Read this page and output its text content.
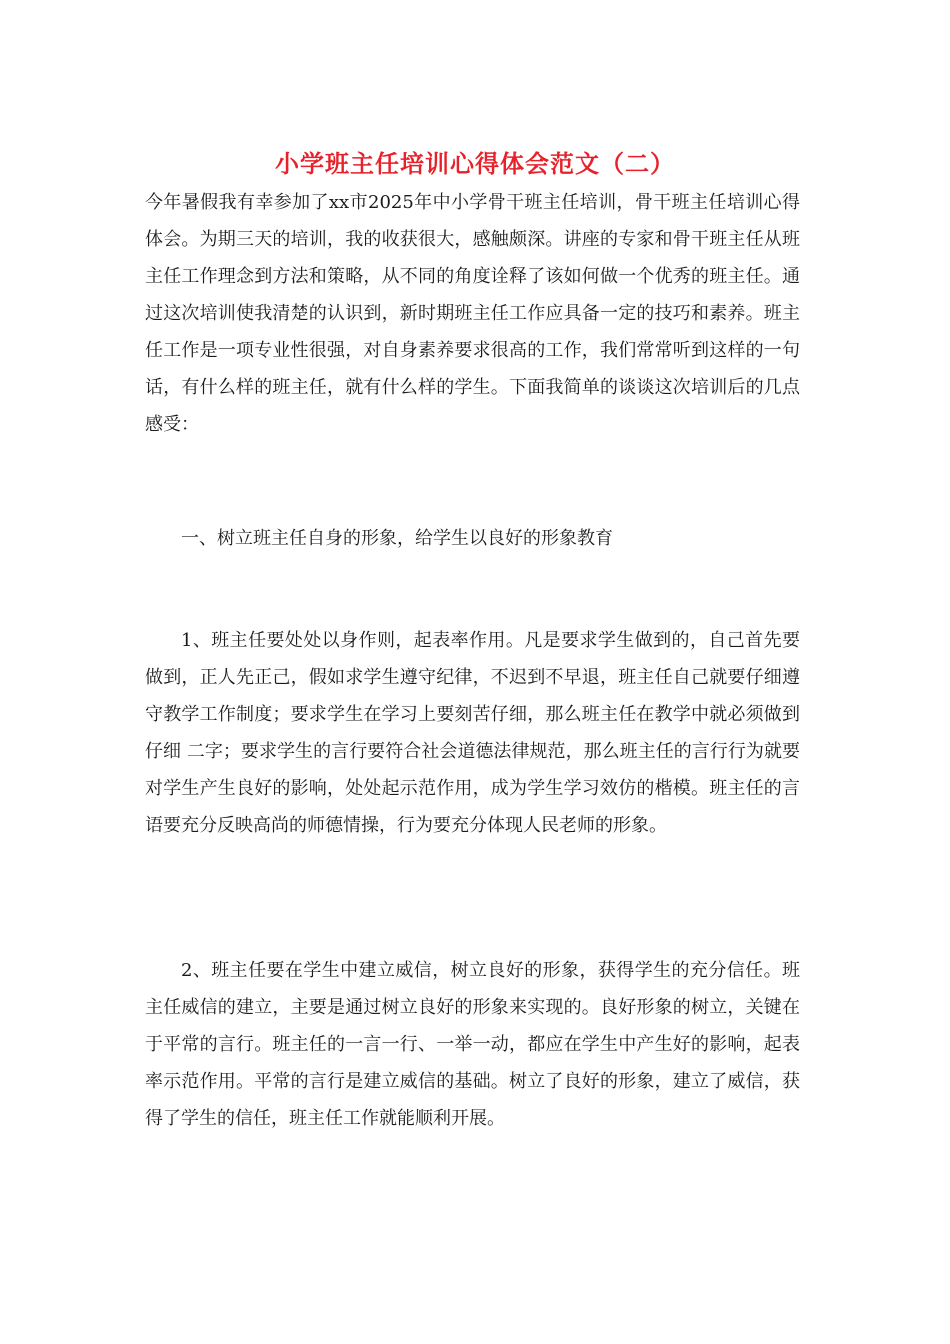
小学班主任培训心得体会范文（二）

今年暑假我有幸参加了xx市2025年中小学骨干班主任培训，骨干班主任培训心得体会。为期三天的培训，我的收获很大，感触颇深。讲座的专家和骨干班主任从班主任工作理念到方法和策略，从不同的角度诠释了该如何做一个优秀的班主任。通过这次培训使我清楚的认识到，新时期班主任工作应具备一定的技巧和素养。班主任工作是一项专业性很强，对自身素养要求很高的工作，我们常常听到这样的一句话，有什么样的班主任，就有什么样的学生。下面我简单的谈谈这次培训后的几点感受：

一、树立班主任自身的形象，给学生以良好的形象教育

1、班主任要处处以身作则，起表率作用。凡是要求学生做到的，自己首先要做到，正人先正己，假如求学生遵守纪律，不迟到不早退，班主任自己就要仔细遵守教学工作制度；要求学生在学习上要刻苦仔细，那么班主任在教学中就必须做到 仔细 二字；要求学生的言行要符合社会道德法律规范，那么班主任的言行行为就要对学生产生良好的影响，处处起示范作用，成为学生学习效仿的楷模。班主任的言语要充分反映高尚的师德情操，行为要充分体现人民老师的形象。

2、班主任要在学生中建立威信，树立良好的形象，获得学生的充分信任。班主任威信的建立，主要是通过树立良好的形象来实现的。良好形象的树立，关键在于平常的言行。班主任的一言一行、一举一动，都应在学生中产生好的影响，起表率示范作用。平常的言行是建立威信的基础。树立了良好的形象，建立了威信，获得了学生的信任，班主任工作就能顺利开展。
